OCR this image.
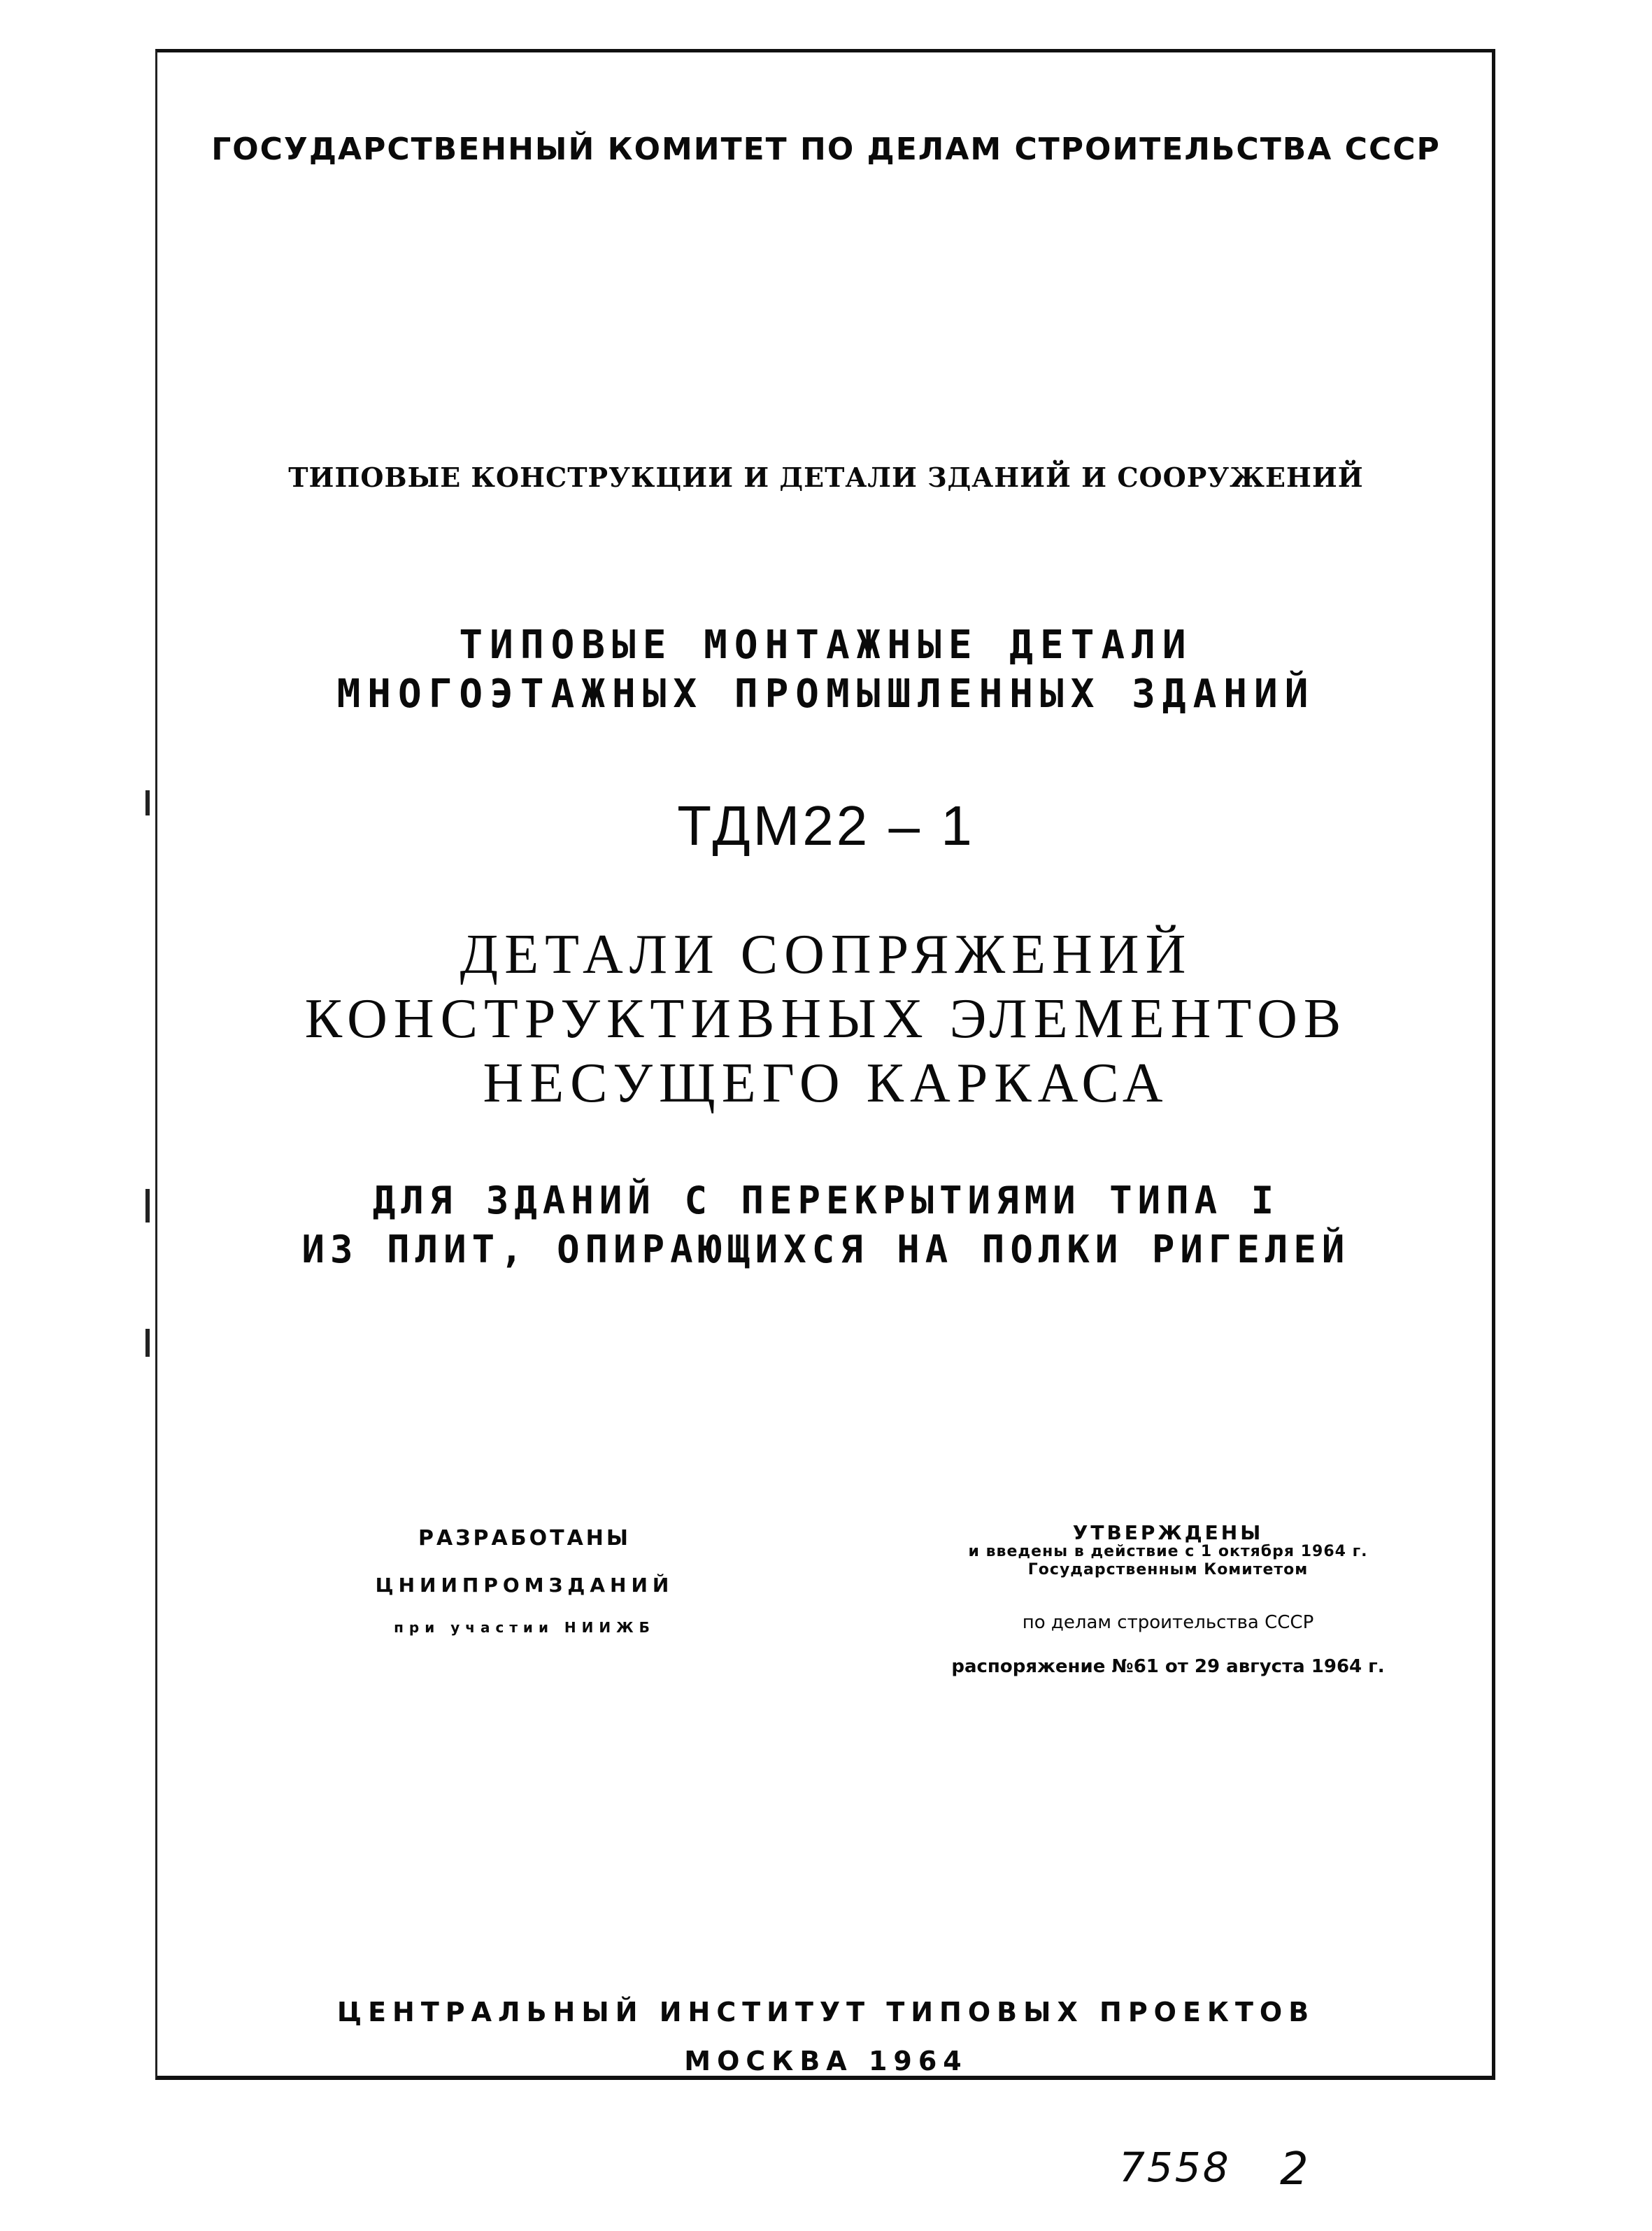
ГОСУДАРСТВЕННЫЙ КОМИТЕТ ПО ДЕЛАМ СТРОИТЕЛЬСТВА СССР
ТИПОВЫЕ КОНСТРУКЦИИ И ДЕТАЛИ ЗДАНИЙ И СООРУЖЕНИЙ
ТИПОВЫЕ МОНТАЖНЫЕ ДЕТАЛИ
МНОГОЭТАЖНЫХ ПРОМЫШЛЕННЫХ ЗДАНИЙ
ТДМ22 – 1
ДЕТАЛИ СОПРЯЖЕНИЙ
КОНСТРУКТИВНЫХ ЭЛЕМЕНТОВ
НЕСУЩЕГО КАРКАСА
ДЛЯ ЗДАНИЙ С ПЕРЕКРЫТИЯМИ ТИПА I
ИЗ ПЛИТ, ОПИРАЮЩИХСЯ НА ПОЛКИ РИГЕЛЕЙ
РАЗРАБОТАНЫ
ЦНИИПРОМЗДАНИЙ
при участии НИИЖБ
УТВЕРЖДЕНЫ
и введены в действие с 1 октября 1964 г.
Государственным Комитетом
по делам строительства СССР
распоряжение №61 от 29 августа 1964 г.
ЦЕНТРАЛЬНЫЙ ИНСТИТУТ ТИПОВЫХ ПРОЕКТОВ
МОСКВА 1964
7558 2
